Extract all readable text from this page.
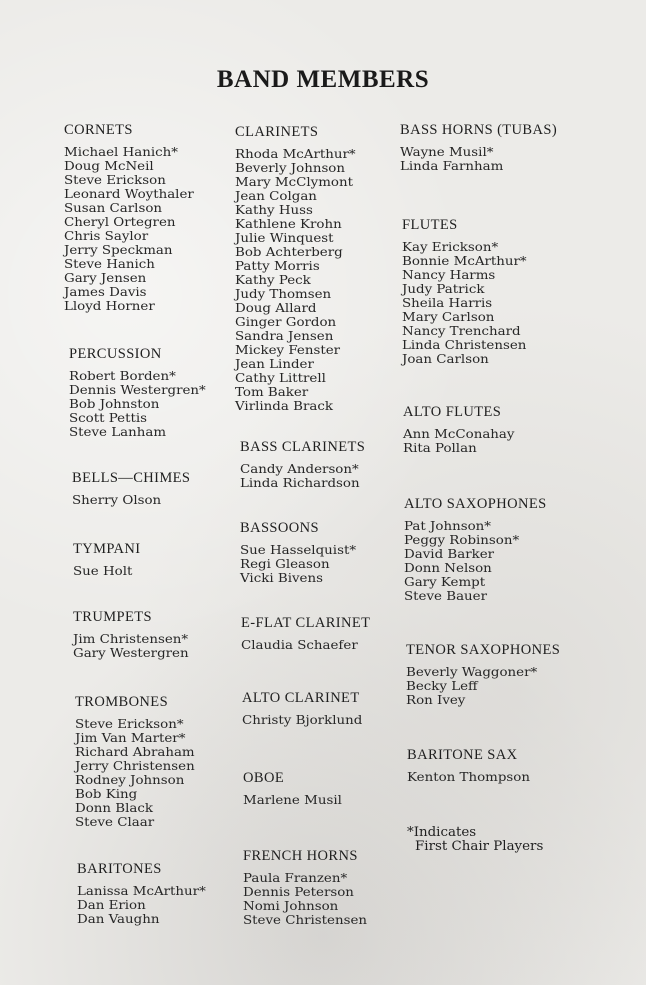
BAND MEMBERS
CORNETS
Michael Hanich*
Doug McNeil
Steve Erickson
Leonard Woythaler
Susan Carlson
Cheryl Ortegren
Chris Saylor
Jerry Speckman
Steve Hanich
Gary Jensen
James Davis
Lloyd Horner
PERCUSSION
Robert Borden*
Dennis Westergren*
Bob Johnston
Scott Pettis
Steve Lanham
BELLS—CHIMES
Sherry Olson
TYMPANI
Sue Holt
TRUMPETS
Jim Christensen*
Gary Westergren
TROMBONES
Steve Erickson*
Jim Van Marter*
Richard Abraham
Jerry Christensen
Rodney Johnson
Bob King
Donn Black
Steve Claar
BARITONES
Lanissa McArthur*
Dan Erion
Dan Vaughn
CLARINETS
Rhoda McArthur*
Beverly Johnson
Mary McClymont
Jean Colgan
Kathy Huss
Kathlene Krohn
Julie Winquest
Bob Achterberg
Patty Morris
Kathy Peck
Judy Thomsen
Doug Allard
Ginger Gordon
Sandra Jensen
Mickey Fenster
Jean Linder
Cathy Littrell
Tom Baker
Virlinda Brack
BASS CLARINETS
Candy Anderson*
Linda Richardson
BASSOONS
Sue Hasselquist*
Regi Gleason
Vicki Bivens
E-FLAT CLARINET
Claudia Schaefer
ALTO CLARINET
Christy Bjorklund
OBOE
Marlene Musil
FRENCH HORNS
Paula Franzen*
Dennis Peterson
Nomi Johnson
Steve Christensen
BASS HORNS (TUBAS)
Wayne Musil*
Linda Farnham
FLUTES
Kay Erickson*
Bonnie McArthur*
Nancy Harms
Judy Patrick
Sheila Harris
Mary Carlson
Nancy Trenchard
Linda Christensen
Joan Carlson
ALTO FLUTES
Ann McConahay
Rita Pollan
ALTO SAXOPHONES
Pat Johnson*
Peggy Robinson*
David Barker
Donn Nelson
Gary Kempt
Steve Bauer
TENOR SAXOPHONES
Beverly Waggoner*
Becky Leff
Ron Ivey
BARITONE SAX
Kenton Thompson
*Indicates
First Chair Players
